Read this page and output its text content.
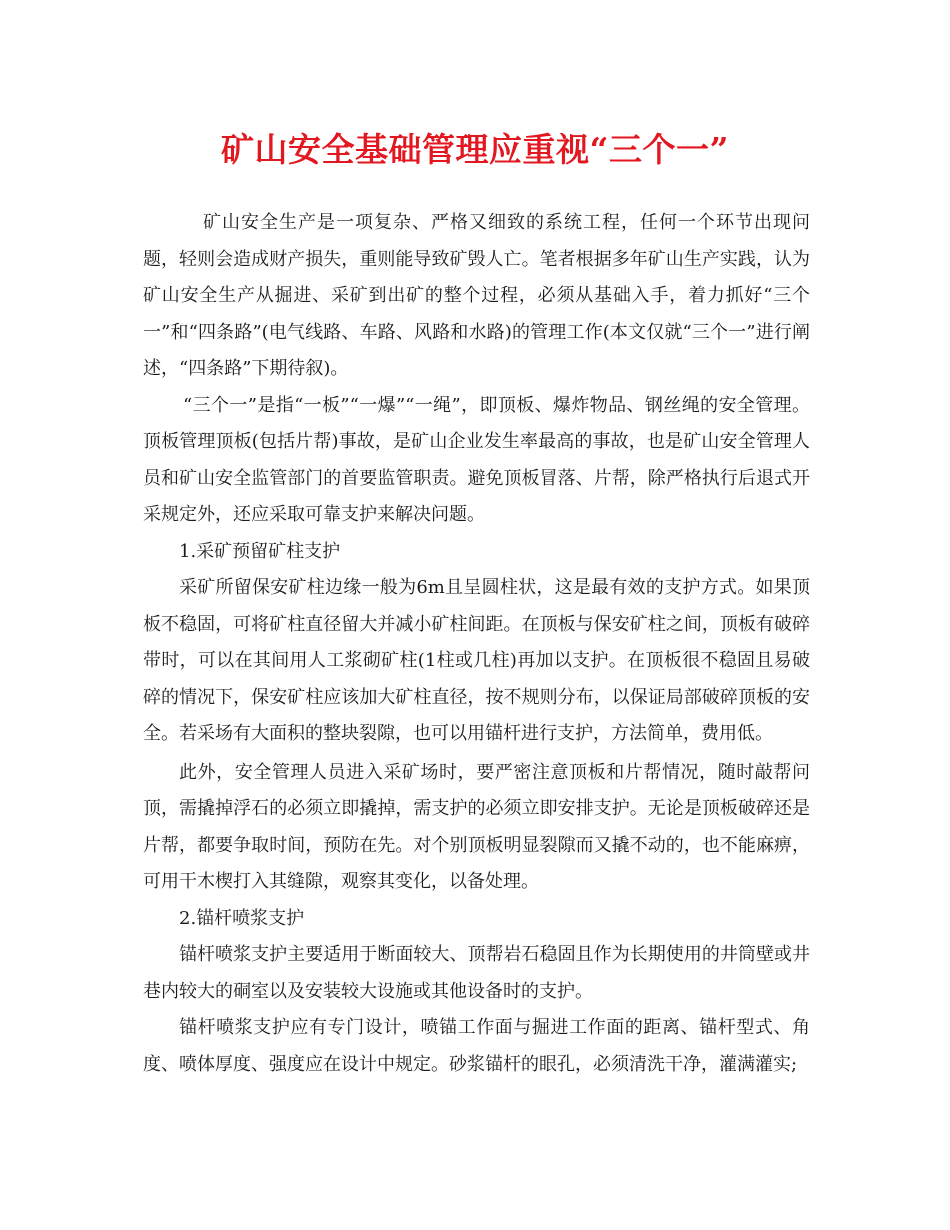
矿山安全基础管理应重视“三个一”

矿山安全生产是一项复杂、严格又细致的系统工程，任何一个环节出现问题，轻则会造成财产损失，重则能导致矿毁人亡。笔者根据多年矿山生产实践，认为矿山安全生产从掘进、采矿到出矿的整个过程，必须从基础入手，着力抓好“三个一”和“四条路”(电气线路、车路、风路和水路)的管理工作(本文仅就“三个一”进行阐述，“四条路”下期待叙)。

“三个一”是指“一板”“一爆”“一绳”，即顶板、爆炸物品、钢丝绳的安全管理。顶板管理顶板(包括片帮)事故，是矿山企业发生率最高的事故，也是矿山安全管理人员和矿山安全监管部门的首要监管职责。避免顶板冒落、片帮，除严格执行后退式开采规定外，还应采取可靠支护来解决问题。

1.采矿预留矿柱支护

采矿所留保安矿柱边缘一般为6m且呈圆柱状，这是最有效的支护方式。如果顶板不稳固，可将矿柱直径留大并减小矿柱间距。在顶板与保安矿柱之间，顶板有破碎带时，可以在其间用人工浆砌矿柱(1柱或几柱)再加以支护。在顶板很不稳固且易破碎的情况下，保安矿柱应该加大矿柱直径，按不规则分布，以保证局部破碎顶板的安全。若采场有大面积的整块裂隙，也可以用锚杆进行支护，方法简单，费用低。

此外，安全管理人员进入采矿场时，要严密注意顶板和片帮情况，随时敲帮问顶，需撬掉浮石的必须立即撬掉，需支护的必须立即安排支护。无论是顶板破碎还是片帮，都要争取时间，预防在先。对个别顶板明显裂隙而又撬不动的，也不能麻痹，可用干木楔打入其缝隙，观察其变化，以备处理。

2.锚杆喷浆支护

锚杆喷浆支护主要适用于断面较大、顶帮岩石稳固且作为长期使用的井筒壁或井巷内较大的硐室以及安装较大设施或其他设备时的支护。

锚杆喷浆支护应有专门设计，喷锚工作面与掘进工作面的距离、锚杆型式、角度、喷体厚度、强度应在设计中规定。砂浆锚杆的眼孔，必须清洗干净，灌满灌实;
